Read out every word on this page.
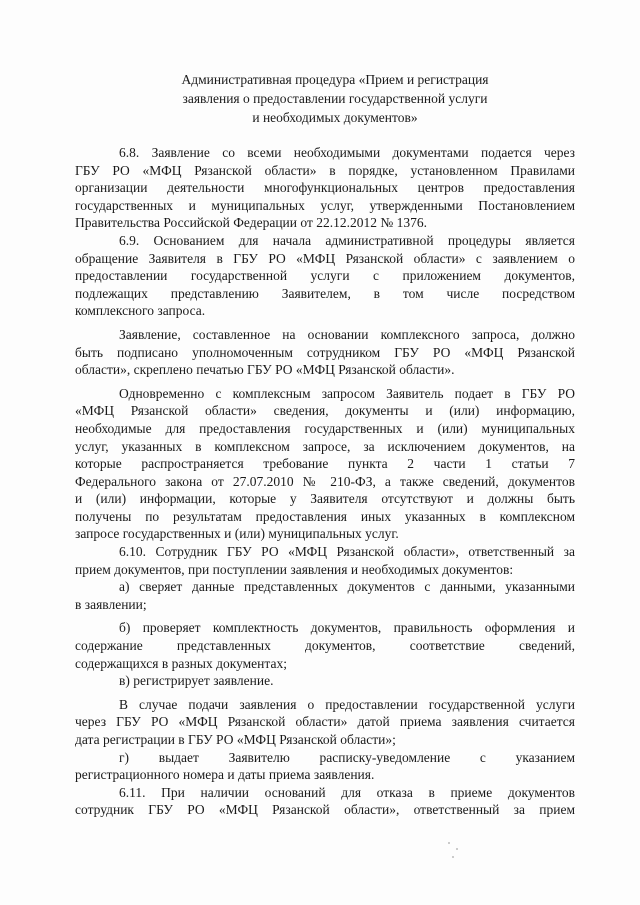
Административная процедура «Прием и регистрация
заявления о предоставлении государственной услуги
и необходимых документов»
6.8. Заявление со всеми необходимыми документами подается через
ГБУ РО «МФЦ Рязанской области» в порядке, установленном Правилами
организации деятельности многофункциональных центров предоставления
государственных и муниципальных услуг, утвержденными Постановлением
Правительства Российской Федерации от 22.12.2012 № 1376.
6.9. Основанием для начала административной процедуры является
обращение Заявителя в ГБУ РО «МФЦ Рязанской области» с заявлением о
предоставлении государственной услуги с приложением документов,
подлежащих представлению Заявителем, в том числе посредством
комплексного запроса.
Заявление, составленное на основании комплексного запроса, должно
быть подписано уполномоченным сотрудником ГБУ РО «МФЦ Рязанской
области», скреплено печатью ГБУ РО «МФЦ Рязанской области».
Одновременно с комплексным запросом Заявитель подает в ГБУ РО
«МФЦ Рязанской области» сведения, документы и (или) информацию,
необходимые для предоставления государственных и (или) муниципальных
услуг, указанных в комплексном запросе, за исключением документов, на
которые распространяется требование пункта 2 части 1 статьи 7
Федерального закона от 27.07.2010 № 210-ФЗ, а также сведений, документов
и (или) информации, которые у Заявителя отсутствуют и должны быть
получены по результатам предоставления иных указанных в комплексном
запросе государственных и (или) муниципальных услуг.
6.10. Сотрудник ГБУ РО «МФЦ Рязанской области», ответственный за
прием документов, при поступлении заявления и необходимых документов:
а) сверяет данные представленных документов с данными, указанными
в заявлении;
б) проверяет комплектность документов, правильность оформления и
содержание представленных документов, соответствие сведений,
содержащихся в разных документах;
в) регистрирует заявление.
В случае подачи заявления о предоставлении государственной услуги
через ГБУ РО «МФЦ Рязанской области» датой приема заявления считается
дата регистрации в ГБУ РО «МФЦ Рязанской области»;
г) выдает Заявителю расписку-уведомление с указанием
регистрационного номера и даты приема заявления.
6.11. При наличии оснований для отказа в приеме документов
сотрудник ГБУ РО «МФЦ Рязанской области», ответственный за прием
